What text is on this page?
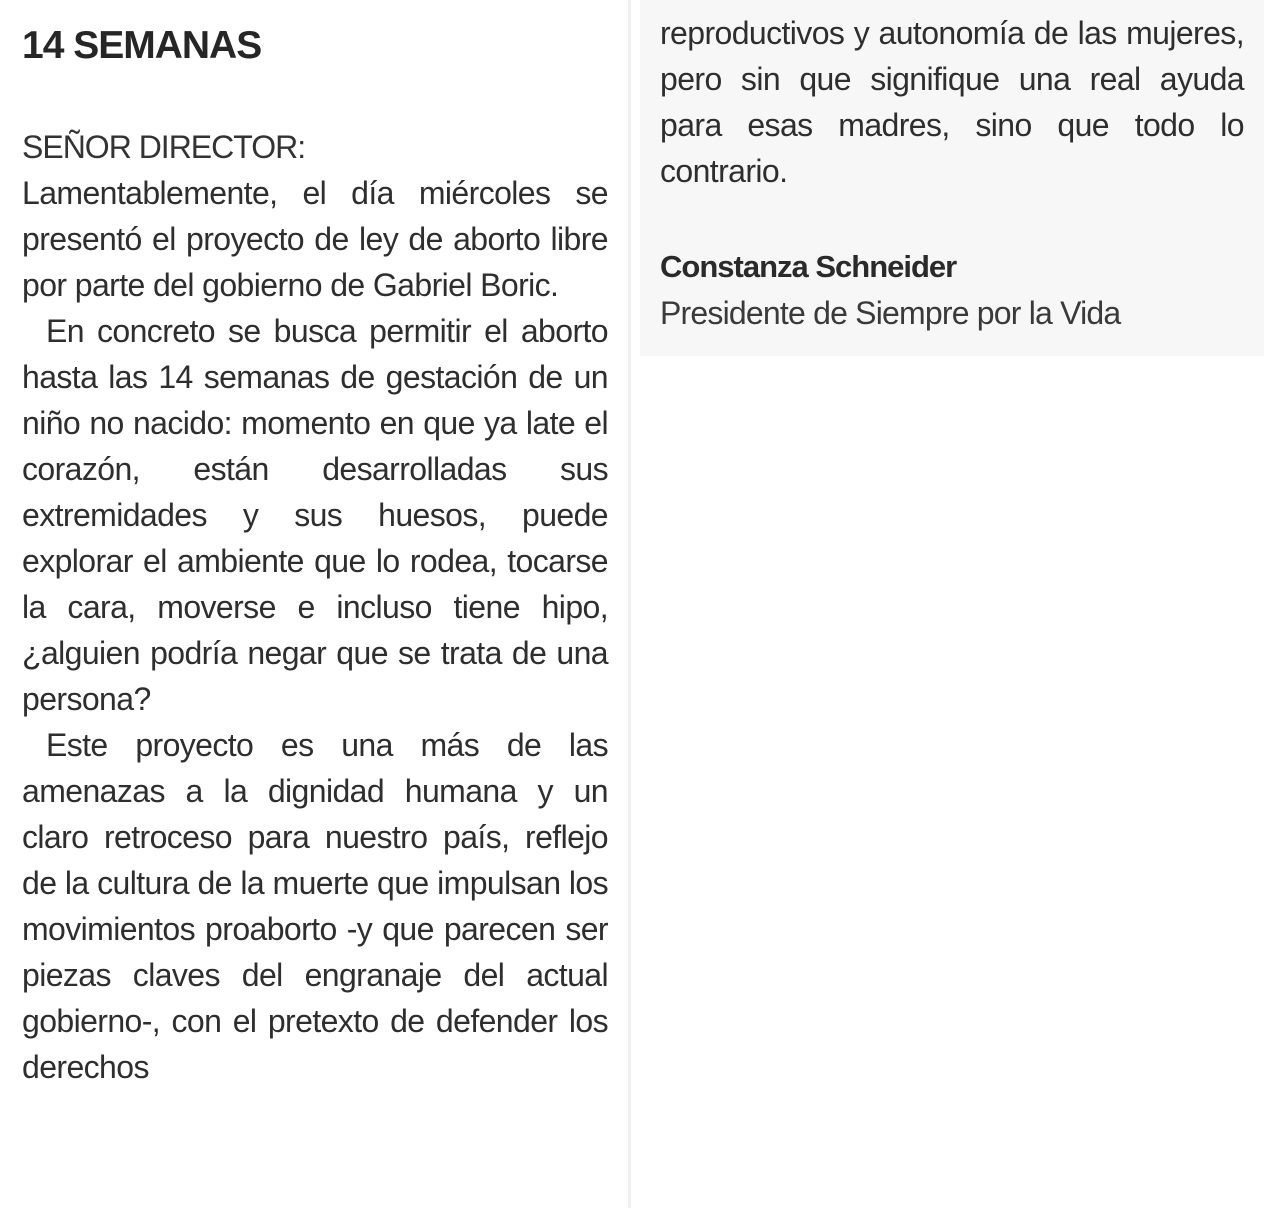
14 SEMANAS
SEÑOR DIRECTOR:

Lamentablemente, el día miércoles se presentó el proyecto de ley de aborto libre por parte del gobierno de Gabriel Boric.

En concreto se busca permitir el aborto hasta las 14 semanas de gestación de un niño no nacido: momento en que ya late el corazón, están desarrolladas sus extremidades y sus huesos, puede explorar el ambiente que lo rodea, tocarse la cara, moverse e incluso tiene hipo, ¿alguien podría negar que se trata de una persona?

Este proyecto es una más de las amenazas a la dignidad humana y un claro retroceso para nuestro país, reflejo de la cultura de la muerte que impulsan los movimientos proaborto -y que parecen ser piezas claves del engranaje del actual gobierno-, con el pretexto de defender los derechos

reproductivos y autonomía de las mujeres, pero sin que signifique una real ayuda para esas madres, sino que todo lo contrario.

Constanza Schneider
Presidente de Siempre por la Vida
